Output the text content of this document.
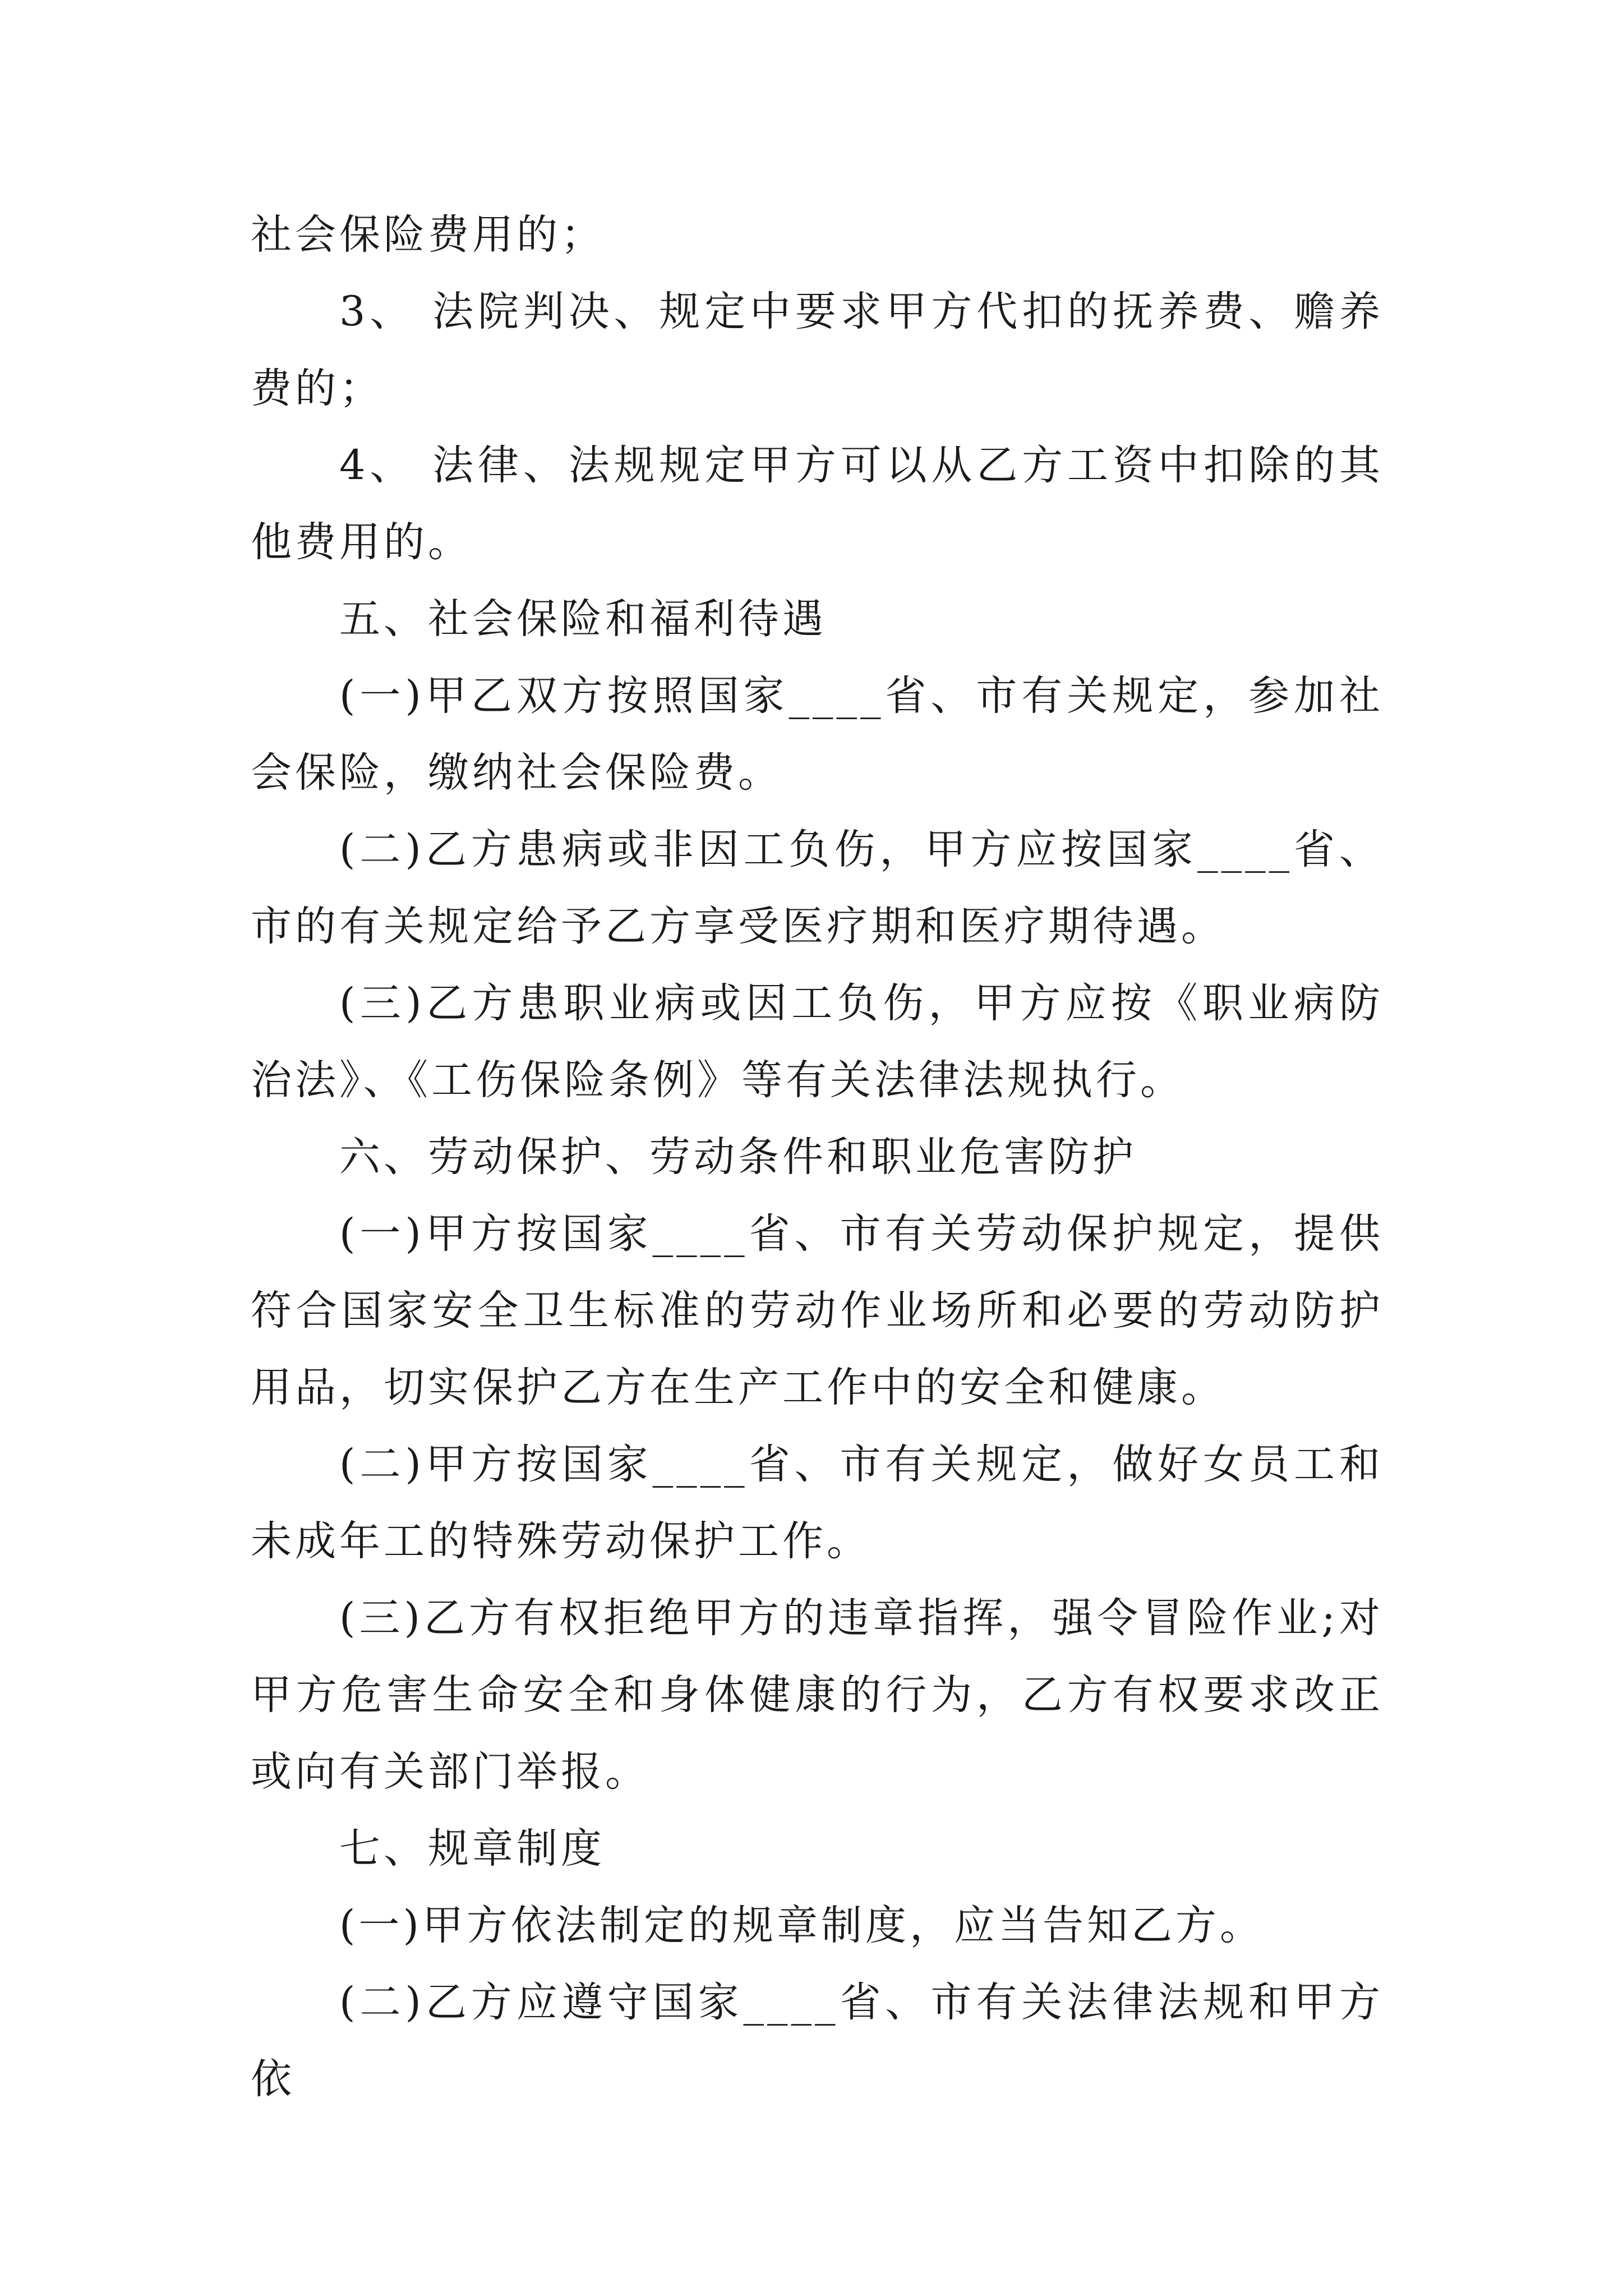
社会保险费用的；

3、 法院判决、规定中要求甲方代扣的抚养费、赡养费的；

4、 法律、法规规定甲方可以从乙方工资中扣除的其他费用的。

五、社会保险和福利待遇

(一)甲乙双方按照国家____省、市有关规定，参加社会保险，缴纳社会保险费。

(二)乙方患病或非因工负伤，甲方应按国家____省、市的有关规定给予乙方享受医疗期和医疗期待遇。

(三)乙方患职业病或因工负伤，甲方应按《职业病防治法》、《工伤保险条例》等有关法律法规执行。

六、劳动保护、劳动条件和职业危害防护

(一)甲方按国家____省、市有关劳动保护规定，提供符合国家安全卫生标准的劳动作业场所和必要的劳动防护用品，切实保护乙方在生产工作中的安全和健康。

(二)甲方按国家____省、市有关规定，做好女员工和未成年工的特殊劳动保护工作。

(三)乙方有权拒绝甲方的违章指挥，强令冒险作业;对甲方危害生命安全和身体健康的行为，乙方有权要求改正或向有关部门举报。

七、规章制度

(一)甲方依法制定的规章制度，应当告知乙方。

(二)乙方应遵守国家____省、市有关法律法规和甲方依
